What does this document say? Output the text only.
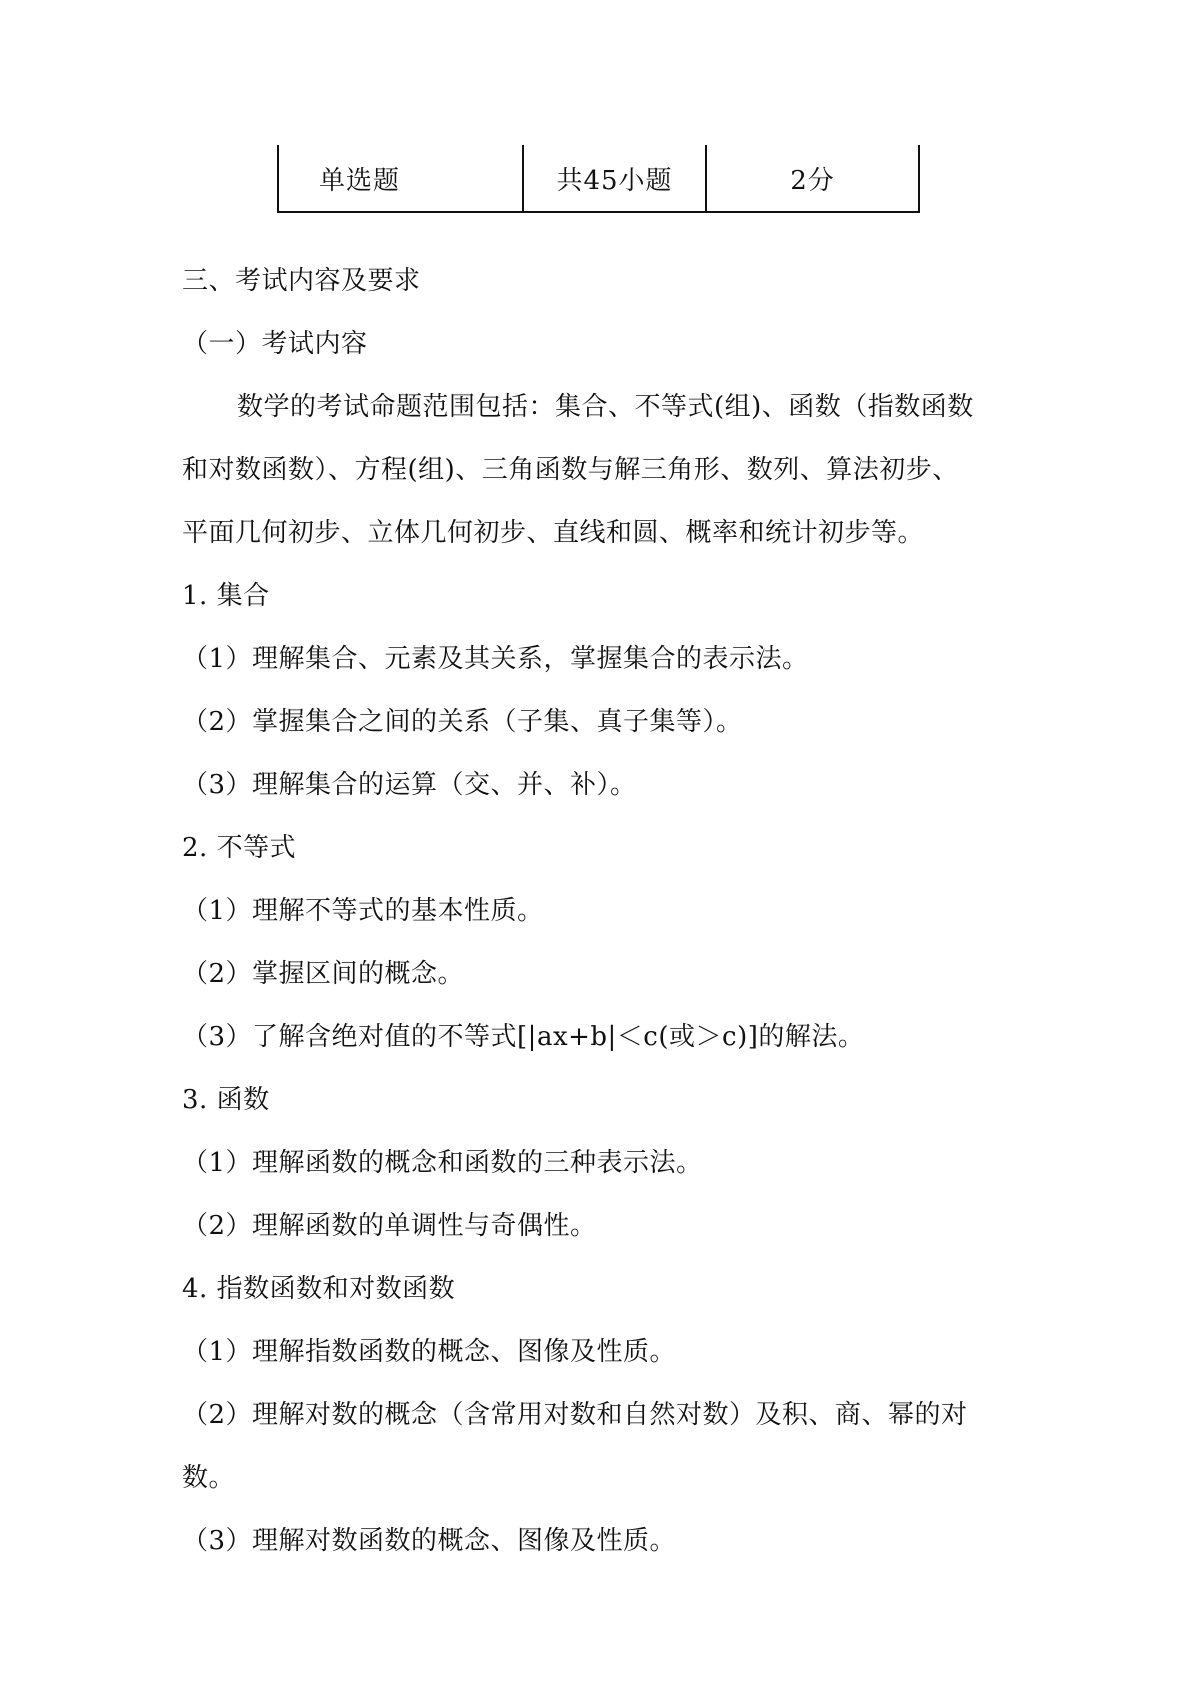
单选题	共45小题	2分
三、考试内容及要求
（一）考试内容
数学的考试命题范围包括：集合、不等式(组)、函数（指数函数
和对数函数）、方程(组)、三角函数与解三角形、数列、算法初步、
平面几何初步、立体几何初步、直线和圆、概率和统计初步等。
1. 集合
（1）理解集合、元素及其关系，掌握集合的表示法。
（2）掌握集合之间的关系（子集、真子集等）。
（3）理解集合的运算（交、并、补）。
2. 不等式
（1）理解不等式的基本性质。
（2）掌握区间的概念。
（3）了解含绝对值的不等式[|ax+b|＜c(或＞c)]的解法。
3. 函数
（1）理解函数的概念和函数的三种表示法。
（2）理解函数的单调性与奇偶性。
4. 指数函数和对数函数
（1）理解指数函数的概念、图像及性质。
（2）理解对数的概念（含常用对数和自然对数）及积、商、幂的对
数。
（3）理解对数函数的概念、图像及性质。
